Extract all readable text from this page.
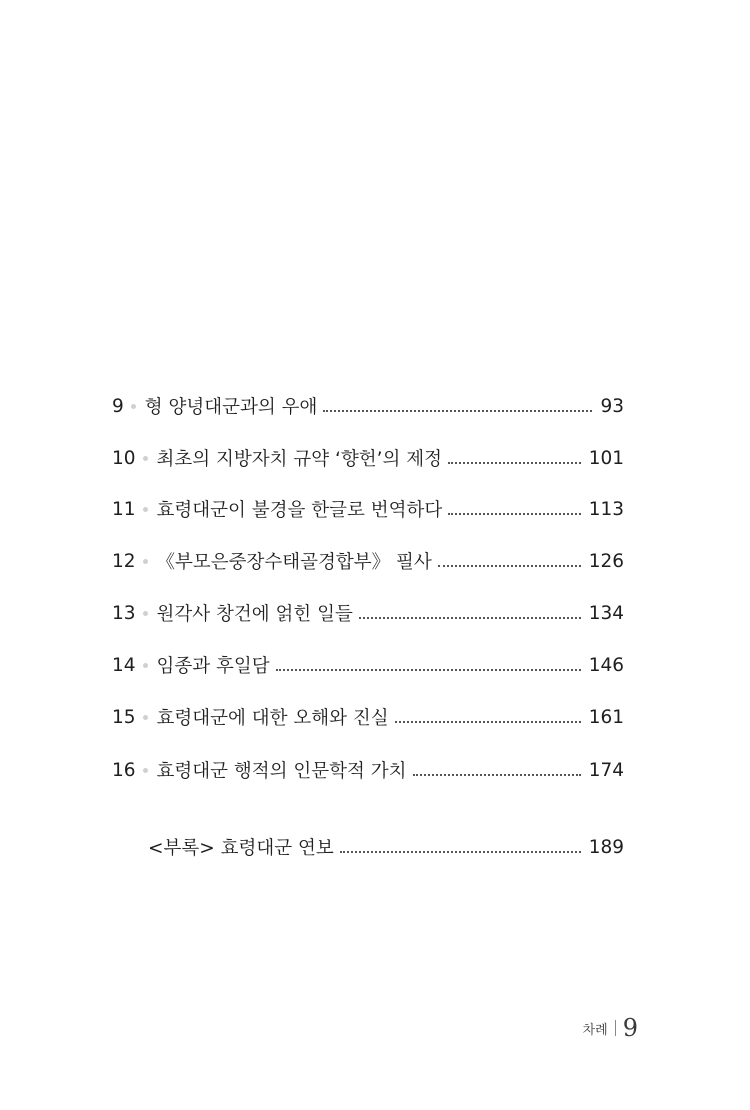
9 형 양녕대군과의 우애	93
10 최초의 지방자치 규약 ‘향헌’의 제정	101
11 효령대군이 불경을 한글로 번역하다	113
12 《부모은중장수태골경합부》 필사	126
13 원각사 창건에 얽힌 일들	134
14 임종과 후일담	146
15 효령대군에 대한 오해와 진실	161
16 효령대군 행적의 인문학적 가치	174
<부록> 효령대군 연보	189
차례 9
